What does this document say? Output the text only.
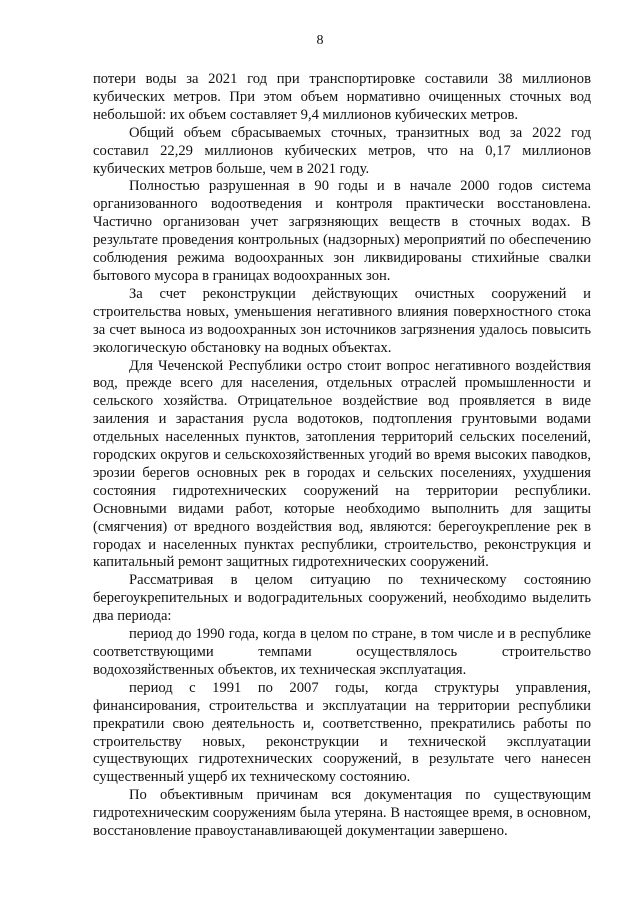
8

потери воды за 2021 год при транспортировке составили 38 миллионов кубических метров. При этом объем нормативно очищенных сточных вод небольшой: их объем составляет 9,4 миллионов кубических метров.

Общий объем сбрасываемых сточных, транзитных вод за 2022 год составил 22,29 миллионов кубических метров, что на 0,17 миллионов кубических метров больше, чем в 2021 году.

Полностью разрушенная в 90 годы и в начале 2000 годов система организованного водоотведения и контроля практически восстановлена. Частично организован учет загрязняющих веществ в сточных водах. В результате проведения контрольных (надзорных) мероприятий по обеспечению соблюдения режима водоохранных зон ликвидированы стихийные свалки бытового мусора в границах водоохранных зон.

За счет реконструкции действующих очистных сооружений и строительства новых, уменьшения негативного влияния поверхностного стока за счет выноса из водоохранных зон источников загрязнения удалось повысить экологическую обстановку на водных объектах.

Для Чеченской Республики остро стоит вопрос негативного воздействия вод, прежде всего для населения, отдельных отраслей промышленности и сельского хозяйства. Отрицательное воздействие вод проявляется в виде заиления и зарастания русла водотоков, подтопления грунтовыми водами отдельных населенных пунктов, затопления территорий сельских поселений, городских округов и сельскохозяйственных угодий во время высоких паводков, эрозии берегов основных рек в городах и сельских поселениях, ухудшения состояния гидротехнических сооружений на территории республики. Основными видами работ, которые необходимо выполнить для защиты (смягчения) от вредного воздействия вод, являются: берегоукрепление рек в городах и населенных пунктах республики, строительство, реконструкция и капитальный ремонт защитных гидротехнических сооружений.

Рассматривая в целом ситуацию по техническому состоянию берегоукрепительных и водоградительных сооружений, необходимо выделить два периода:

период до 1990 года, когда в целом по стране, в том числе и в республике соответствующими темпами осуществлялось строительство водохозяйственных объектов, их техническая эксплуатация.

период с 1991 по 2007 годы, когда структуры управления, финансирования, строительства и эксплуатации на территории республики прекратили свою деятельность и, соответственно, прекратились работы по строительству новых, реконструкции и технической эксплуатации существующих гидротехнических сооружений, в результате чего нанесен существенный ущерб их техническому состоянию.

По объективным причинам вся документация по существующим гидротехническим сооружениям была утеряна. В настоящее время, в основном, восстановление правоустанавливающей документации завершено.
